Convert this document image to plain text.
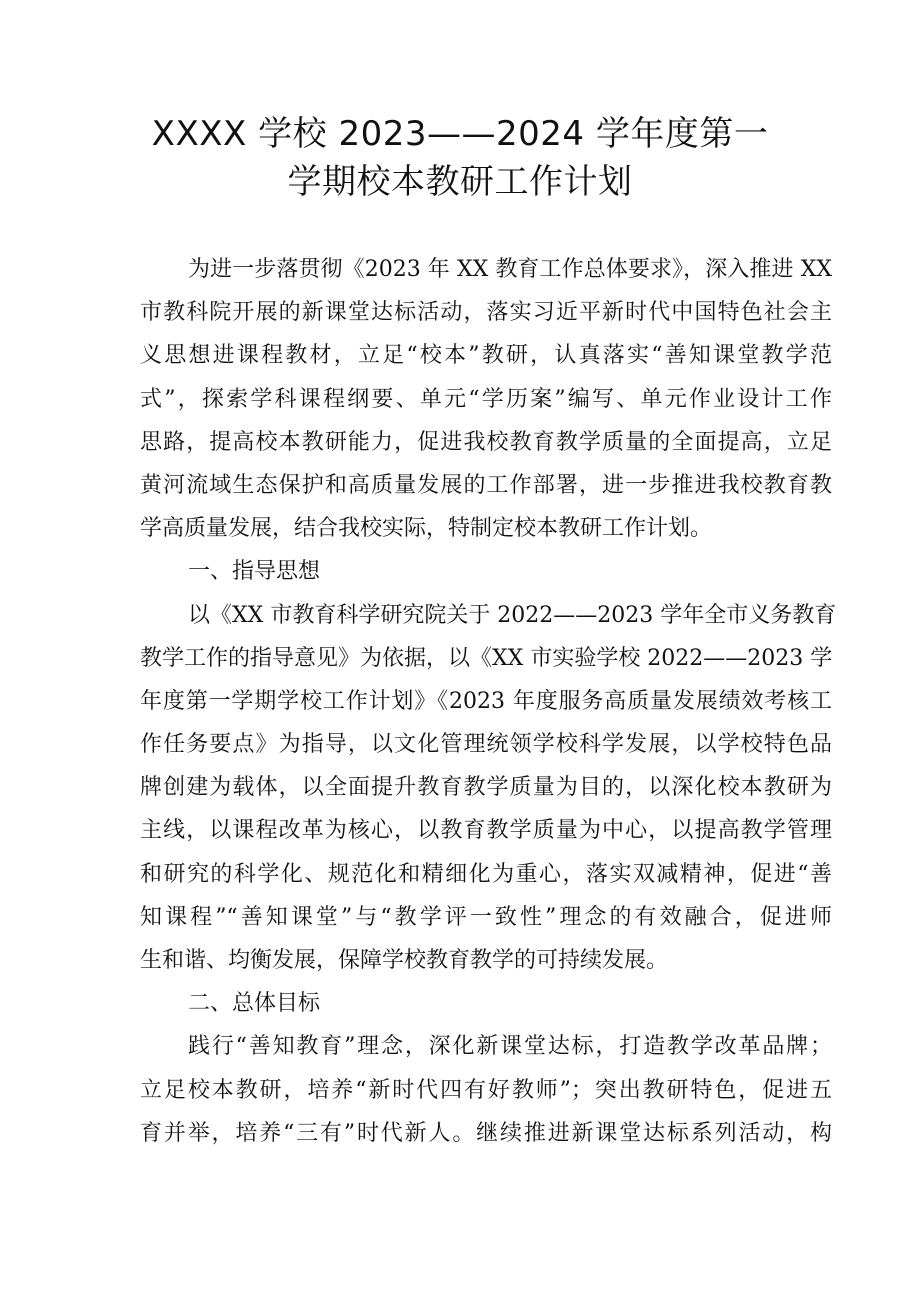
XXXX 学校 2023——2024 学年度第一
学期校本教研工作计划
为进一步落贯彻《2023 年 XX 教育工作总体要求》，深入推进 XX
市教科院开展的新课堂达标活动，落实习近平新时代中国特色社会主
义思想进课程教材，立足“校本”教研，认真落实“善知课堂教学范
式”，探索学科课程纲要、单元“学历案”编写、单元作业设计工作
思路，提高校本教研能力，促进我校教育教学质量的全面提高，立足
黄河流域生态保护和高质量发展的工作部署，进一步推进我校教育教
学高质量发展，结合我校实际，特制定校本教研工作计划。
一、指导思想
以《XX 市教育科学研究院关于 2022——2023 学年全市义务教育
教学工作的指导意见》为依据，以《XX 市实验学校 2022——2023 学
年度第一学期学校工作计划》《2023 年度服务高质量发展绩效考核工
作任务要点》为指导，以文化管理统领学校科学发展，以学校特色品
牌创建为载体，以全面提升教育教学质量为目的，以深化校本教研为
主线，以课程改革为核心，以教育教学质量为中心，以提高教学管理
和研究的科学化、规范化和精细化为重心，落实双减精神，促进“善
知课程”“善知课堂”与“教学评一致性”理念的有效融合，促进师
生和谐、均衡发展，保障学校教育教学的可持续发展。
二、总体目标
践行“善知教育”理念，深化新课堂达标，打造教学改革品牌；
立足校本教研，培养“新时代四有好教师”；突出教研特色，促进五
育并举，培养“三有”时代新人。继续推进新课堂达标系列活动，构
